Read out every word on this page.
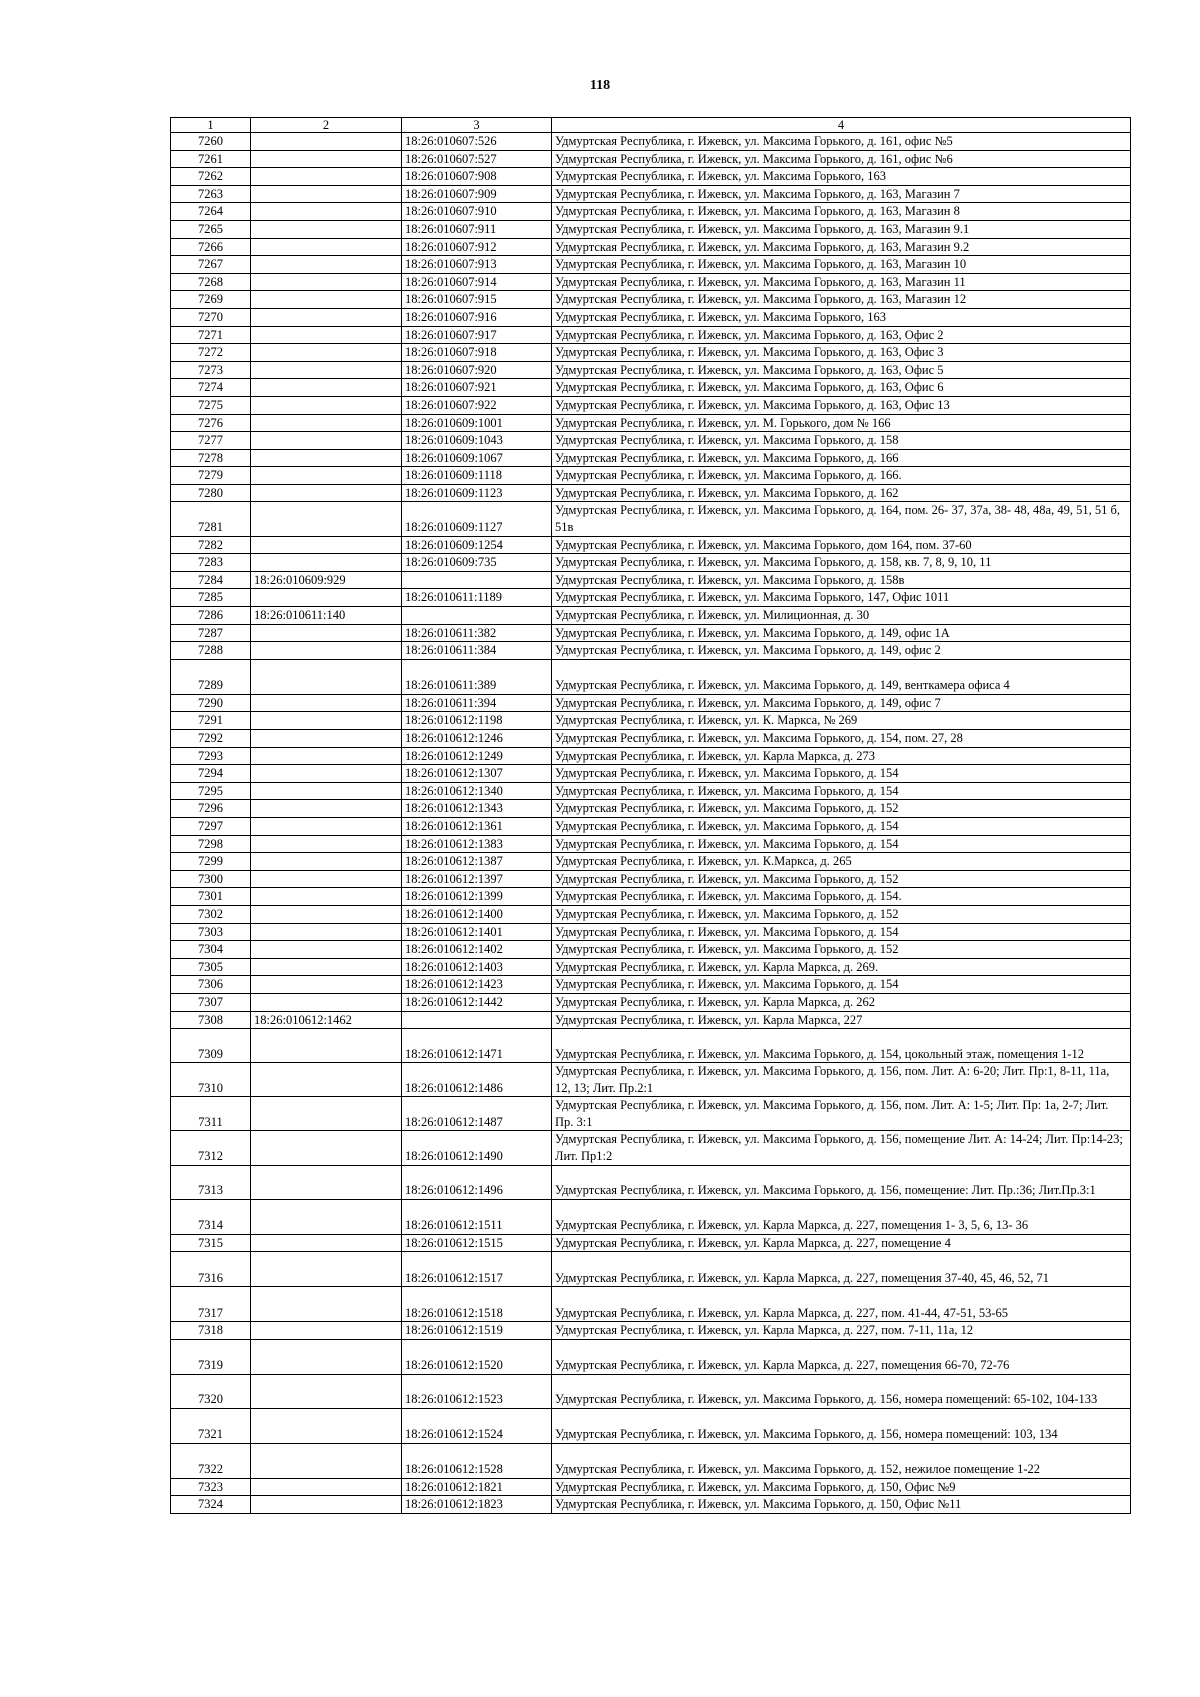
118
1	2	3	4
7260		18:26:010607:526	Удмуртская Республика, г. Ижевск, ул. Максима Горького, д. 161, офис №5
7261		18:26:010607:527	Удмуртская Республика, г. Ижевск, ул. Максима Горького, д. 161, офис №6
7262		18:26:010607:908	Удмуртская Республика, г. Ижевск, ул. Максима Горького, 163
7263		18:26:010607:909	Удмуртская Республика, г. Ижевск, ул. Максима Горького, д. 163, Магазин 7
7264		18:26:010607:910	Удмуртская Республика, г. Ижевск, ул. Максима Горького, д. 163, Магазин 8
7265		18:26:010607:911	Удмуртская Республика, г. Ижевск, ул. Максима Горького, д. 163, Магазин 9.1
7266		18:26:010607:912	Удмуртская Республика, г. Ижевск, ул. Максима Горького, д. 163, Магазин 9.2
7267		18:26:010607:913	Удмуртская Республика, г. Ижевск, ул. Максима Горького, д. 163, Магазин 10
7268		18:26:010607:914	Удмуртская Республика, г. Ижевск, ул. Максима Горького, д. 163, Магазин 11
7269		18:26:010607:915	Удмуртская Республика, г. Ижевск, ул. Максима Горького, д. 163, Магазин 12
7270		18:26:010607:916	Удмуртская Республика, г. Ижевск, ул. Максима Горького, 163
7271		18:26:010607:917	Удмуртская Республика, г. Ижевск, ул. Максима Горького, д. 163, Офис 2
7272		18:26:010607:918	Удмуртская Республика, г. Ижевск, ул. Максима Горького, д. 163, Офис 3
7273		18:26:010607:920	Удмуртская Республика, г. Ижевск, ул. Максима Горького, д. 163, Офис 5
7274		18:26:010607:921	Удмуртская Республика, г. Ижевск, ул. Максима Горького, д. 163, Офис 6
7275		18:26:010607:922	Удмуртская Республика, г. Ижевск, ул. Максима Горького, д. 163, Офис 13
7276		18:26:010609:1001	Удмуртская Республика, г. Ижевск, ул. М. Горького, дом № 166
7277		18:26:010609:1043	Удмуртская Республика, г. Ижевск, ул. Максима Горького, д. 158
7278		18:26:010609:1067	Удмуртская Республика, г. Ижевск, ул. Максима Горького, д. 166
7279		18:26:010609:1118	Удмуртская Республика, г. Ижевск, ул. Максима Горького, д. 166.
7280		18:26:010609:1123	Удмуртская Республика, г. Ижевск, ул. Максима Горького, д. 162
7281		18:26:010609:1127	Удмуртская Республика, г. Ижевск, ул. Максима Горького, д. 164, пом. 26- 37, 37а, 38- 48, 48а, 49, 51, 51 б, 51в
7282		18:26:010609:1254	Удмуртская Республика, г. Ижевск, ул. Максима Горького, дом 164, пом. 37-60
7283		18:26:010609:735	Удмуртская Республика, г. Ижевск, ул. Максима Горького, д. 158, кв. 7, 8, 9, 10, 11
7284	18:26:010609:929		Удмуртская Республика, г. Ижевск, ул. Максима Горького, д. 158в
7285		18:26:010611:1189	Удмуртская Республика, г. Ижевск, ул. Максима Горького, 147, Офис 1011
7286	18:26:010611:140		Удмуртская Республика, г. Ижевск, ул. Милиционная, д. 30
7287		18:26:010611:382	Удмуртская Республика, г. Ижевск, ул. Максима Горького, д. 149, офис 1А
7288		18:26:010611:384	Удмуртская Республика, г. Ижевск, ул. Максима Горького, д. 149, офис 2
7289		18:26:010611:389	Удмуртская Республика, г. Ижевск, ул. Максима Горького, д. 149, венткамера офиса 4
7290		18:26:010611:394	Удмуртская Республика, г. Ижевск, ул. Максима Горького, д. 149, офис 7
7291		18:26:010612:1198	Удмуртская Республика, г. Ижевск, ул. К. Маркса, № 269
7292		18:26:010612:1246	Удмуртская Республика, г. Ижевск, ул. Максима Горького, д. 154, пом. 27, 28
7293		18:26:010612:1249	Удмуртская Республика, г. Ижевск, ул. Карла Маркса, д. 273
7294		18:26:010612:1307	Удмуртская Республика, г. Ижевск, ул. Максима Горького, д. 154
7295		18:26:010612:1340	Удмуртская Республика, г. Ижевск, ул. Максима Горького, д. 154
7296		18:26:010612:1343	Удмуртская Республика, г. Ижевск, ул. Максима Горького, д. 152
7297		18:26:010612:1361	Удмуртская Республика, г. Ижевск, ул. Максима Горького, д. 154
7298		18:26:010612:1383	Удмуртская Республика, г. Ижевск, ул. Максима Горького, д. 154
7299		18:26:010612:1387	Удмуртская Республика, г. Ижевск, ул. К.Маркса, д. 265
7300		18:26:010612:1397	Удмуртская Республика, г. Ижевск, ул. Максима Горького, д. 152
7301		18:26:010612:1399	Удмуртская Республика, г. Ижевск, ул. Максима Горького, д. 154.
7302		18:26:010612:1400	Удмуртская Республика, г. Ижевск, ул. Максима Горького, д. 152
7303		18:26:010612:1401	Удмуртская Республика, г. Ижевск, ул. Максима Горького, д. 154
7304		18:26:010612:1402	Удмуртская Республика, г. Ижевск, ул. Максима Горького, д. 152
7305		18:26:010612:1403	Удмуртская Республика, г. Ижевск, ул. Карла Маркса, д. 269.
7306		18:26:010612:1423	Удмуртская Республика, г. Ижевск, ул. Максима Горького, д. 154
7307		18:26:010612:1442	Удмуртская Республика, г. Ижевск, ул. Карла Маркса, д. 262
7308	18:26:010612:1462		Удмуртская Республика, г. Ижевск, ул. Карла Маркса, 227
7309		18:26:010612:1471	Удмуртская Республика, г. Ижевск, ул. Максима Горького, д. 154, цокольный этаж, помещения 1-12
7310		18:26:010612:1486	Удмуртская Республика, г. Ижевск, ул. Максима Горького, д. 156, пом. Лит. А: 6-20; Лит. Пр:1, 8-11, 11а, 12, 13; Лит. Пр.2:1
7311		18:26:010612:1487	Удмуртская Республика, г. Ижевск, ул. Максима Горького, д. 156, пом. Лит. А: 1-5; Лит. Пр: 1а, 2-7; Лит. Пр. 3:1
7312		18:26:010612:1490	Удмуртская Республика, г. Ижевск, ул. Максима Горького, д. 156, помещение Лит. А: 14-24; Лит. Пр:14-23; Лит. Пр1:2
7313		18:26:010612:1496	Удмуртская Республика, г. Ижевск, ул. Максима Горького, д. 156, помещение: Лит. Пр.:36; Лит.Пр.3:1
7314		18:26:010612:1511	Удмуртская Республика, г. Ижевск, ул. Карла Маркса, д. 227, помещения 1- 3, 5, 6, 13- 36
7315		18:26:010612:1515	Удмуртская Республика, г. Ижевск, ул. Карла Маркса, д. 227, помещение 4
7316		18:26:010612:1517	Удмуртская Республика, г. Ижевск, ул. Карла Маркса, д. 227, помещения 37-40, 45, 46, 52, 71
7317		18:26:010612:1518	Удмуртская Республика, г. Ижевск, ул. Карла Маркса, д. 227, пом. 41-44, 47-51, 53-65
7318		18:26:010612:1519	Удмуртская Республика, г. Ижевск, ул. Карла Маркса, д. 227, пом. 7-11, 11а, 12
7319		18:26:010612:1520	Удмуртская Республика, г. Ижевск, ул. Карла Маркса, д. 227, помещения 66-70, 72-76
7320		18:26:010612:1523	Удмуртская Республика, г. Ижевск, ул. Максима Горького, д. 156, номера помещений: 65-102, 104-133
7321		18:26:010612:1524	Удмуртская Республика, г. Ижевск, ул. Максима Горького, д. 156, номера помещений: 103, 134
7322		18:26:010612:1528	Удмуртская Республика, г. Ижевск, ул. Максима Горького, д. 152, нежилое помещение 1-22
7323		18:26:010612:1821	Удмуртская Республика, г. Ижевск, ул. Максима Горького, д. 150, Офис №9
7324		18:26:010612:1823	Удмуртская Республика, г. Ижевск, ул. Максима Горького, д. 150, Офис №11
